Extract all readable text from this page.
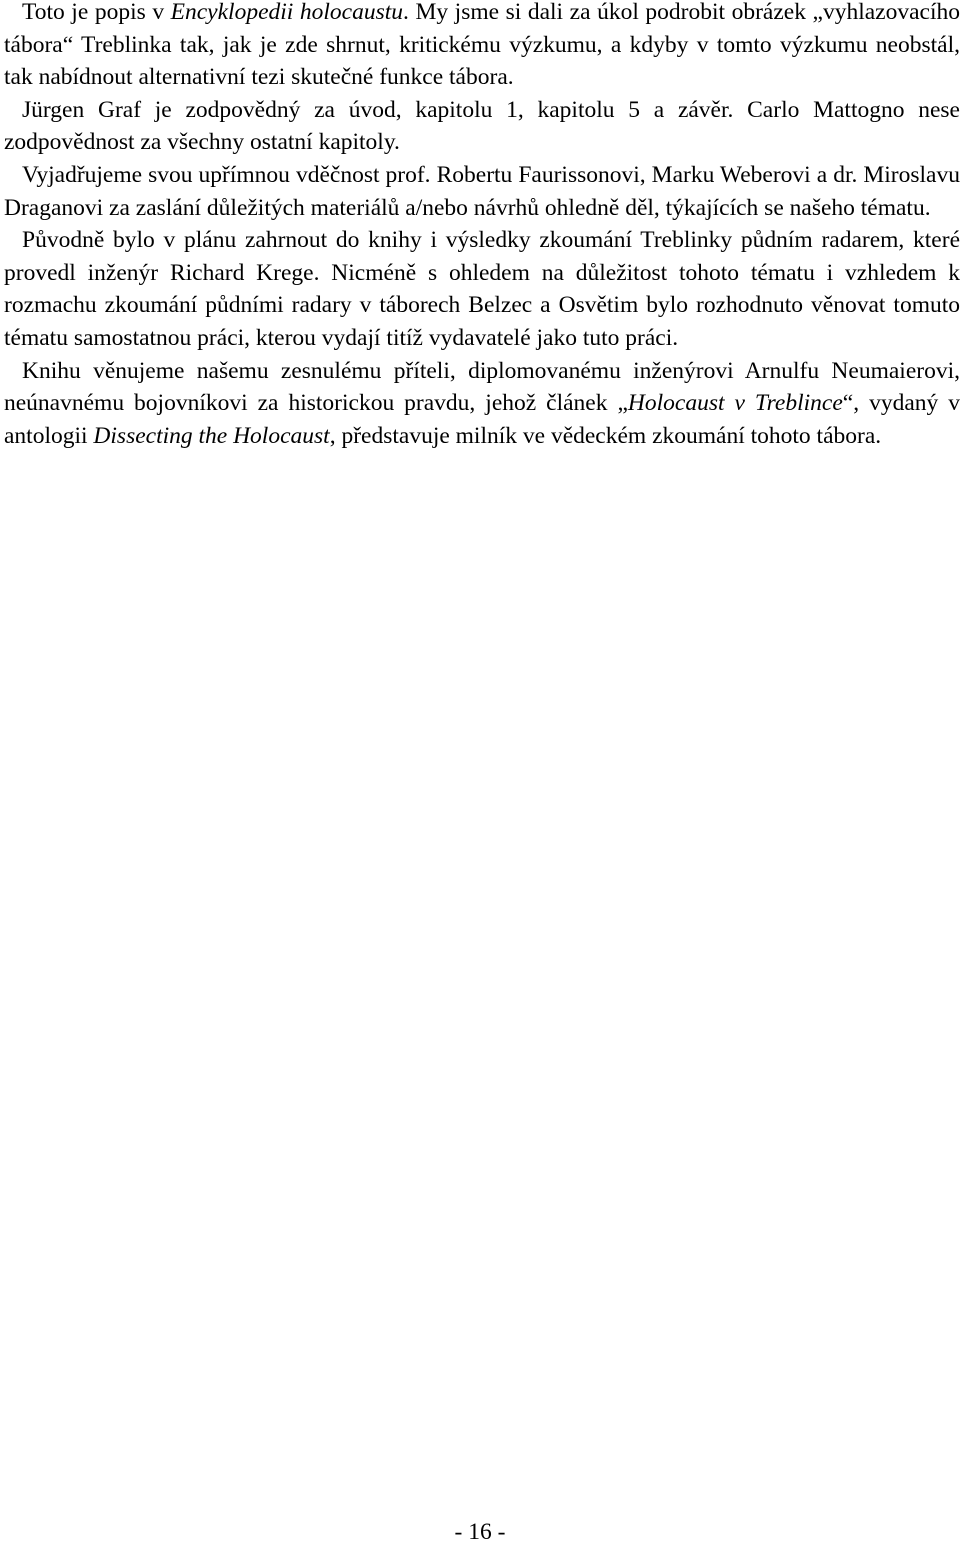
Toto je popis v Encyklopedii holocaustu. My jsme si dali za úkol podrobit obrázek „vyhlazovacího tábora“ Treblinka tak, jak je zde shrnut, kritickému výzkumu, a kdyby v tomto výzkumu neobstál, tak nabídnout alternativní tezi skutečné funkce tábora.

Jürgen Graf je zodpovědný za úvod, kapitolu 1, kapitolu 5 a závěr. Carlo Mattogno nese zodpovědnost za všechny ostatní kapitoly.

Vyjadřujeme svou upřímnou vděčnost prof. Robertu Faurissonovi, Marku Weberovi a dr. Miroslavu Draganovi za zaslání důležitých materiálů a/nebo návrhů ohledně děl, týkajících se našeho tématu.

Původně bylo v plánu zahrnout do knihy i výsledky zkoumání Treblinky půdním radarem, které provedl inženýr Richard Krege. Nicméně s ohledem na důležitost tohoto tématu i vzhledem k rozmachu zkoumání půdními radary v táborech Belzec a Osvětim bylo rozhodnuto věnovat tomuto tématu samostatnou práci, kterou vydají titíž vydavatelé jako tuto práci.

Knihu věnujeme našemu zesnulému příteli, diplomovanému inženýrovi Arnulfu Neumaierovi, neúnavnému bojovníkovi za historickou pravdu, jehož článek „Holocaust v Treblince“, vydaný v antologii Dissecting the Holocaust, představuje milník ve vědeckém zkoumání tohoto tábora.

- 16 -
